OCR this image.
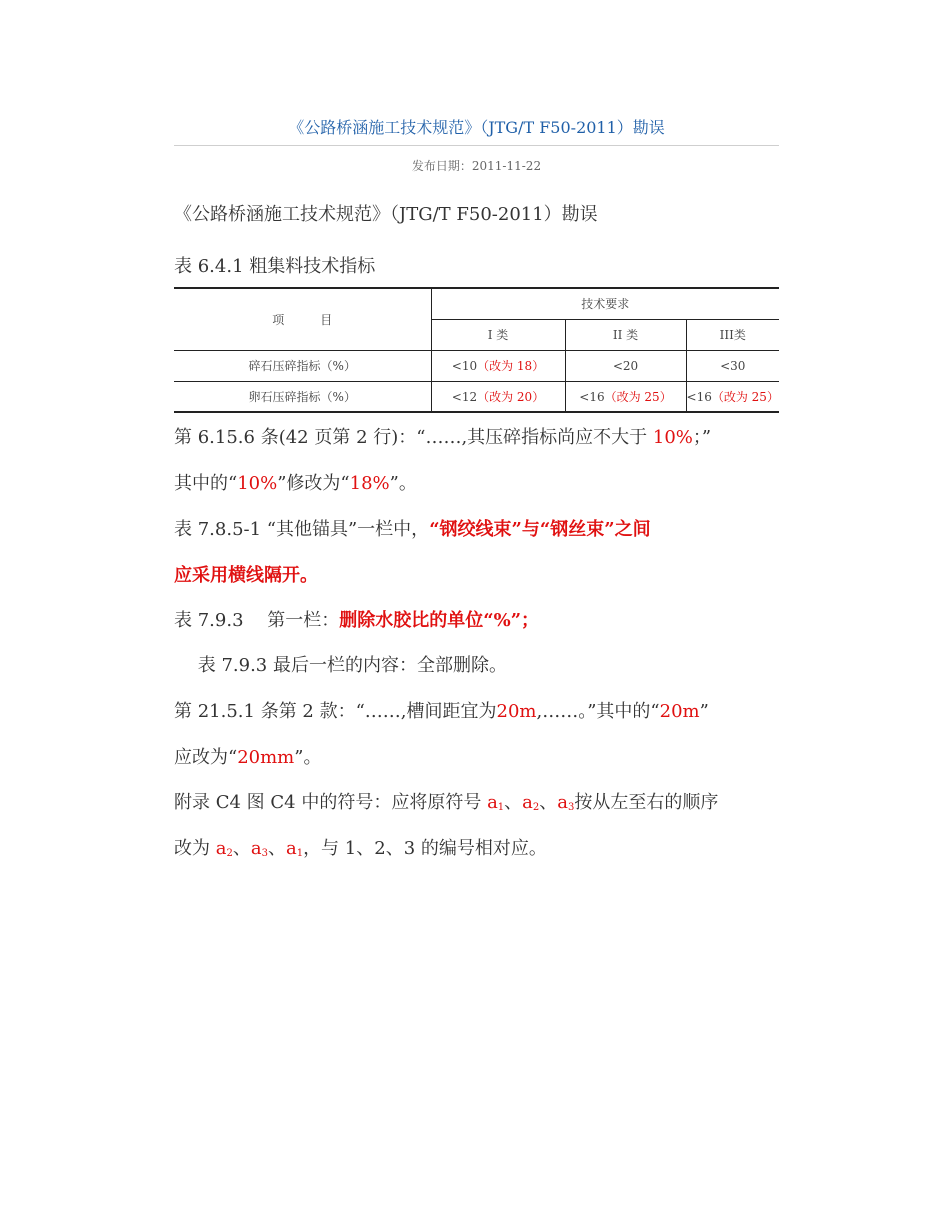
《公路桥涵施工技术规范》（JTG/T F50-2011）勘误
发布日期：2011-11-22
《公路桥涵施工技术规范》（JTG/T F50-2011）勘误
表 6.4.1 粗集料技术指标
项　　　目	技术要求		
	I 类	II 类	III类
碎石压碎指标（%）	<10（改为 18）	<20	<30
卵石压碎指标（%）	<12（改为 20）	<16（改为 25）	<16（改为 25）
第 6.15.6 条(42 页第 2 行)：“……,其压碎指标尚应不大于 10%；”
其中的“10%”修改为“18%”。
表 7.8.5-1 “其他锚具”一栏中，“钢绞线束”与“钢丝束”之间
应采用横线隔开。
表 7.9.3　 第一栏：删除水胶比的单位“%”；
　 表 7.9.3 最后一栏的内容：全部删除。
第 21.5.1 条第 2 款：“……,槽间距宜为20m,……。”其中的“20m”
应改为“20mm”。
附录 C4 图 C4 中的符号：应将原符号 $a_1$、$a_2$、$a_3$按从左至右的顺序
改为 $a_2$、$a_3$、$a_1$，与 1、2、3 的编号相对应。
